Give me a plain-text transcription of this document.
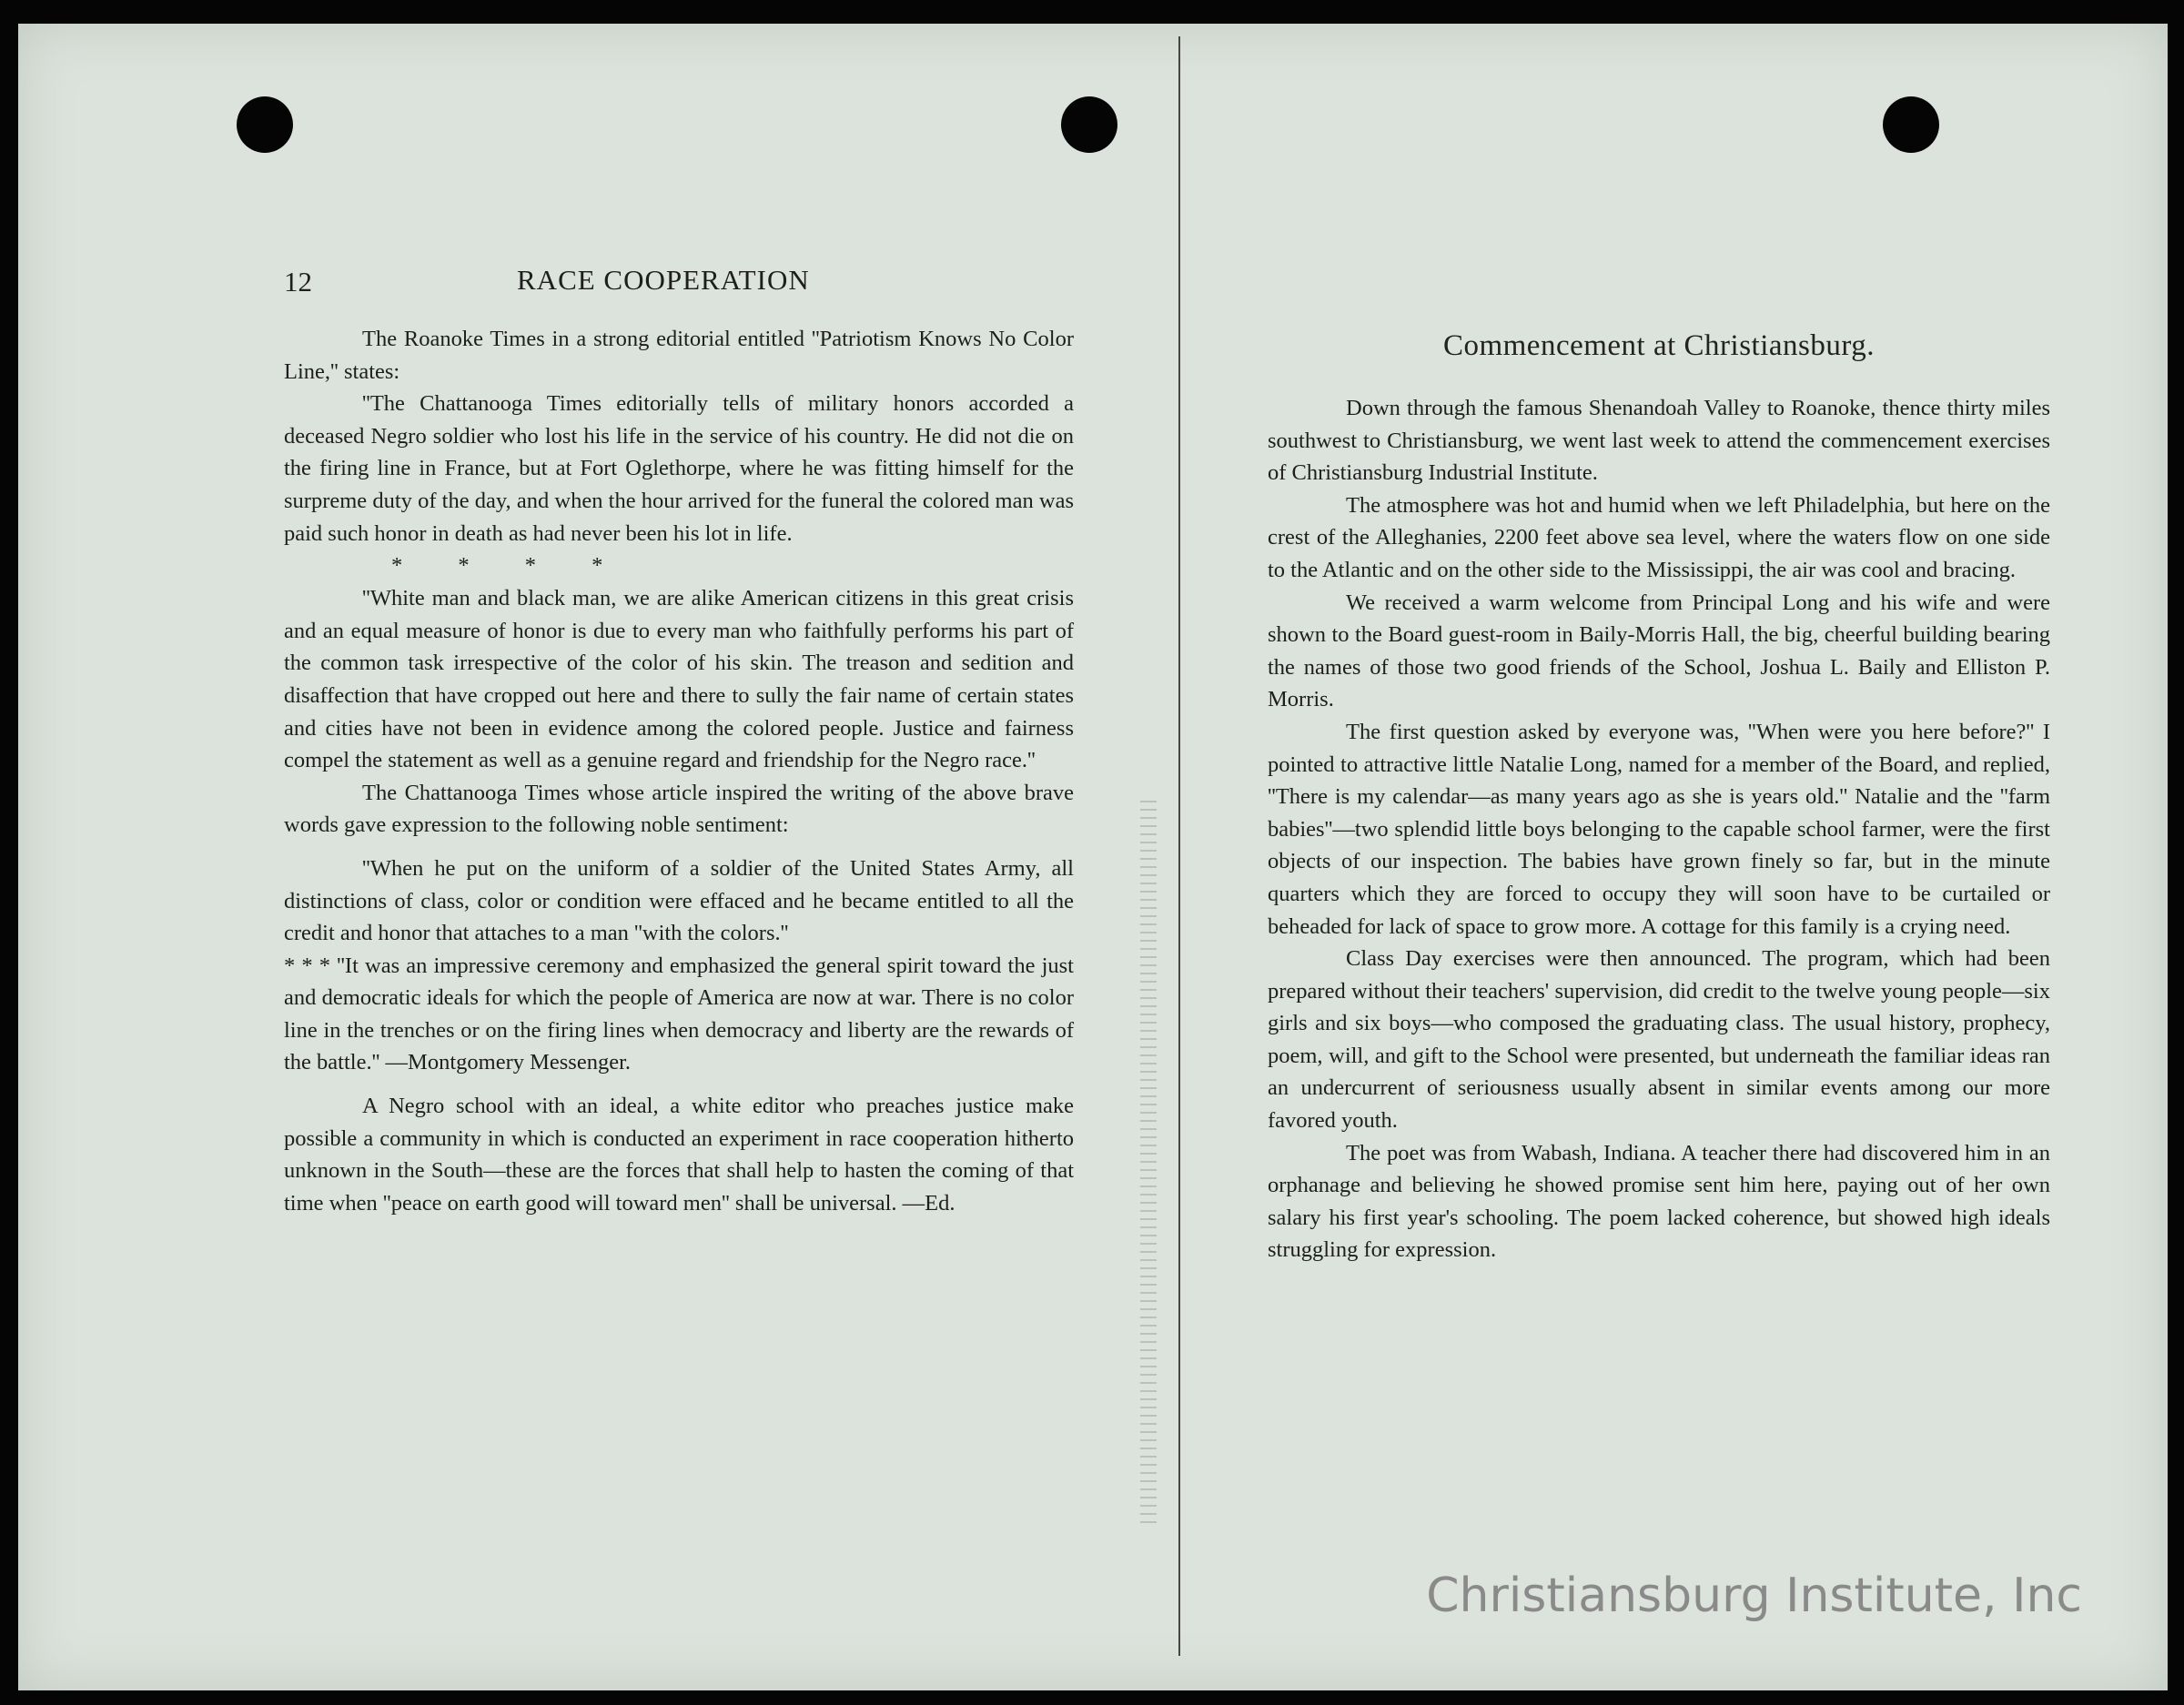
12	RACE COOPERATION

The Roanoke Times in a strong editorial entitled ''Patriotism Knows No Color Line,'' states:

''The Chattanooga Times editorially tells of military honors accorded a deceased Negro soldier who lost his life in the service of his country. He did not die on the firing line in France, but at Fort Oglethorpe, where he was fitting himself for the surpreme duty of the day, and when the hour arrived for the funeral the colored man was paid such honor in death as had never been his lot in life.

* * * *

''White man and black man, we are alike American citizens in this great crisis and an equal measure of honor is due to every man who faithfully performs his part of the common task irrespective of the color of his skin. The treason and sedition and disaffection that have cropped out here and there to sully the fair name of certain states and cities have not been in evidence among the colored people. Justice and fairness compel the statement as well as a genuine regard and friendship for the Negro race.''

The Chattanooga Times whose article inspired the writing of the above brave words gave expression to the following noble sentiment:

''When he put on the uniform of a soldier of the United States Army, all distinctions of class, color or condition were effaced and he became entitled to all the credit and honor that attaches to a man ''with the colors.''

* * * ''It was an impressive ceremony and emphasized the general spirit toward the just and democratic ideals for which the people of America are now at war. There is no color line in the trenches or on the firing lines when democracy and liberty are the rewards of the battle.'' —Montgomery Messenger.

A Negro school with an ideal, a white editor who preaches justice make possible a community in which is conducted an experiment in race cooperation hitherto unknown in the South—these are the forces that shall help to hasten the coming of that time when ''peace on earth good will toward men'' shall be universal. —Ed.

Commencement at Christiansburg.

Down through the famous Shenandoah Valley to Roanoke, thence thirty miles southwest to Christiansburg, we went last week to attend the commencement exercises of Christiansburg Industrial Institute.

The atmosphere was hot and humid when we left Philadelphia, but here on the crest of the Alleghanies, 2200 feet above sea level, where the waters flow on one side to the Atlantic and on the other side to the Mississippi, the air was cool and bracing.

We received a warm welcome from Principal Long and his wife and were shown to the Board guest-room in Baily-Morris Hall, the big, cheerful building bearing the names of those two good friends of the School, Joshua L. Baily and Elliston P. Morris.

The first question asked by everyone was, ''When were you here before?'' I pointed to attractive little Natalie Long, named for a member of the Board, and replied, ''There is my calendar—as many years ago as she is years old.'' Natalie and the ''farm babies''—two splendid little boys belonging to the capable school farmer, were the first objects of our inspection. The babies have grown finely so far, but in the minute quarters which they are forced to occupy they will soon have to be curtailed or beheaded for lack of space to grow more. A cottage for this family is a crying need.

Class Day exercises were then announced. The program, which had been prepared without their teachers' supervision, did credit to the twelve young people—six girls and six boys—who composed the graduating class. The usual history, prophecy, poem, will, and gift to the School were presented, but underneath the familiar ideas ran an undercurrent of seriousness usually absent in similar events among our more favored youth.

The poet was from Wabash, Indiana. A teacher there had discovered him in an orphanage and believing he showed promise sent him here, paying out of her own salary his first year's schooling. The poem lacked coherence, but showed high ideals struggling for expression.

Christiansburg Institute, Inc
